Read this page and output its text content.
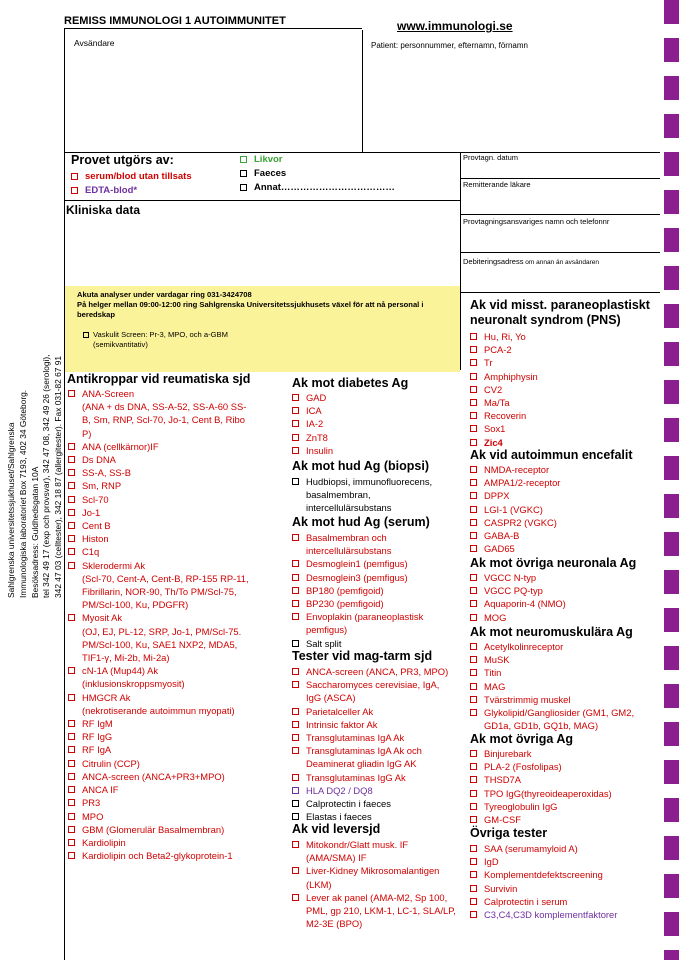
REMISS IMMUNOLOGI 1 AUTOIMMUNITET	www.immunologi.se
Avsändare	Patient: personnummer, efternamn, förnamn
Provet utgörs av:
serum/blod utan tillsats
EDTA-blod*
Likvor
Faeces
Annat………………………………
Provtagn. datum
Remitterande läkare
Provtagningsansvariges namn och telefonnr
Debiteringsadress om annan än avsändaren
Kliniska data
Akuta analyser under vardagar ring 031-3424708
På helger mellan 09:00-12:00 ring Sahlgrenska Universitetssjukhusets växel för att nå personal i beredskap
Vaskulit Screen: Pr-3, MPO, och a-GBM
(semikvantitativ)
Sahlgrenska universitetssjukhuset/Sahlgrenska Immunologiska laboratoriet Box 7193, 402 34 Göteborg. Besöksadress: Guldhedsgatan 10A tel 342 49 17 (exp och provsvar), 342 47 08, 342 49 26 (serologi), 342 47 03 (celltester), 342 18 87 (allergitester). Fax 031-82 67 91 Antikroppar vid reumatiska sjd
ANA-Screen
(ANA + ds DNA, SS-A-52, SS-A-60 SS-B, Sm, RNP, Scl-70, Jo-1, Cent B, Ribo P)
ANA (cellkärnor)IF
Ds DNA
SS-A, SS-B
Sm, RNP
Scl-70
Jo-1
Cent B
Histon
C1q
Sklerodermi Ak
(Scl-70, Cent-A, Cent-B, RP-155 RP-11, Fibrillarin, NOR-90, Th/To PM/Scl-75, PM/Scl-100, Ku, PDGFR)
Myosit Ak
(OJ, EJ, PL-12, SRP, Jo-1, PM/Scl-75. PM/Scl-100, Ku, SAE1 NXP2, MDA5, TIF1-γ, Mi-2b, Mi-2a)
cN-1A (Mup44) Ak
(inklusionskroppsmyosit)
HMGCR Ak
(nekrotiserande autoimmun myopati)
RF IgM
RF IgG
RF IgA
Citrulin (CCP)
ANCA-screen (ANCA+PR3+MPO)
ANCA IF
PR3
MPO
GBM (Glomerulär Basalmembran)
Kardiolipin
Kardiolipin och Beta2-glykoprotein-1
Ak mot diabetes Ag
GAD
ICA
IA-2
ZnT8
Insulin
Ak mot hud Ag (biopsi)
Hudbiopsi, immunofluorecens, basalmembran, intercellulärsubstans
Ak mot hud Ag (serum)
Basalmembran och intercellulärsubstans
Desmoglein1 (pemfigus)
Desmoglein3 (pemfigus)
BP180 (pemfigoid)
BP230 (pemfigoid)
Envoplakin (paraneoplastisk pemfigus)
Salt split
Tester vid mag-tarm sjd
ANCA-screen (ANCA, PR3, MPO)
Saccharomyces cerevisiae, IgA, IgG (ASCA)
Parietalceller Ak
Intrinsic faktor Ak
Transglutaminas IgA Ak
Transglutaminas IgA Ak och Deaminerat gliadin IgG AK
Transglutaminas IgG Ak
HLA DQ2 / DQ8
Calprotectin i faeces
Elastas i faeces
Ak vid leversjd
Mitokondr/Glatt musk. IF (AMA/SMA) IF
Liver-Kidney Mikrosomalantigen (LKM)
Lever ak panel (AMA-M2, Sp 100, PML, gp 210, LKM-1, LC-1, SLA/LP, M2-3E (BPO)
Ak vid misst. paraneoplastiskt neuronalt syndrom (PNS)
Hu, Ri, Yo
PCA-2
Tr
Amphiphysin
CV2
Ma/Ta
Recoverin
Sox1
Zic4
Ak vid autoimmun encefalit
NMDA-receptor
AMPA1/2-receptor
DPPX
LGI-1 (VGKC)
CASPR2 (VGKC)
GABA-B
GAD65
Ak mot övriga neuronala Ag
VGCC N-typ
VGCC PQ-typ
Aquaporin-4 (NMO)
MOG
Ak mot neuromuskulära Ag
Acetylkolinreceptor
MuSK
Titin
MAG
Tvärstrimmig muskel
Glykolipid/Gangliosider (GM1, GM2, GD1a, GD1b, GQ1b, MAG)
Ak mot övriga Ag
Binjurebark
PLA-2 (Fosfolipas)
THSD7A
TPO IgG(thyreoideaperoxidas)
Tyreoglobulin IgG
GM-CSF
Övriga tester
SAA (serumamyloid A)
IgD
Komplementdefektscreening
Survivin
Calprotectin i serum
C3,C4,C3D komplementfaktorer
